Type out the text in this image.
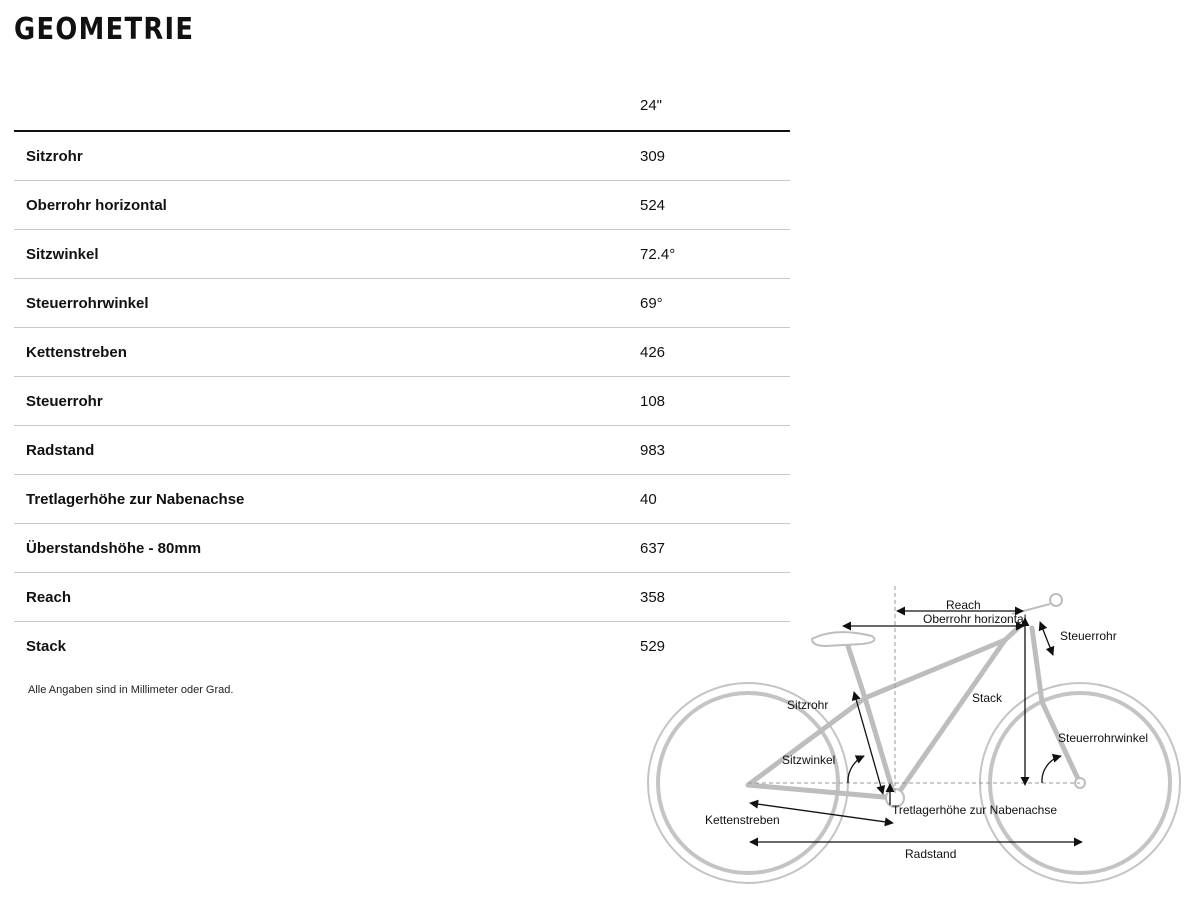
GEOMETRIE
	24"
Sitzrohr	309
Oberrohr horizontal	524
Sitzwinkel	72.4°
Steuerrohrwinkel	69°
Kettenstreben	426
Steuerrohr	108
Radstand	983
Tretlagerhöhe zur Nabenachse	40
Überstandshöhe - 80mm	637
Reach	358
Stack	529
Alle Angaben sind in Millimeter oder Grad.
Reach
Oberrohr horizontal
Steuerrohr
Stack
Sitzrohr
Steuerrohrwinkel
Sitzwinkel
Tretlagerhöhe zur Nabenachse
Kettenstreben
Radstand
